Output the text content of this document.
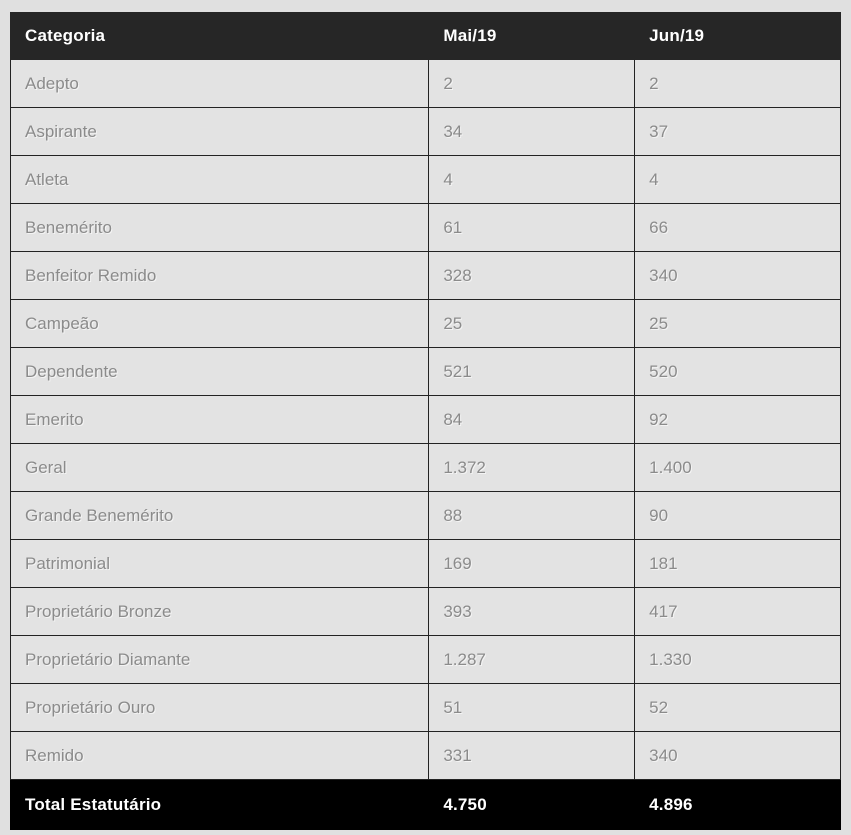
Categoria	Mai/19	Jun/19
Adepto	2	2
Aspirante	34	37
Atleta	4	4
Benemérito	61	66
Benfeitor Remido	328	340
Campeão	25	25
Dependente	521	520
Emerito	84	92
Geral	1.372	1.400
Grande Benemérito	88	90
Patrimonial	169	181
Proprietário Bronze	393	417
Proprietário Diamante	1.287	1.330
Proprietário Ouro	51	52
Remido	331	340
Total Estatutário	4.750	4.896
